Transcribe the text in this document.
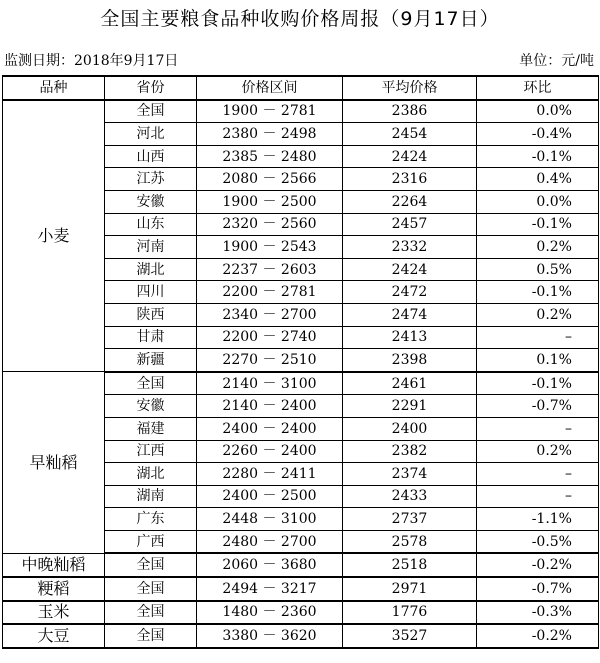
全国主要粮食品种收购价格周报（9月17日）
监测日期：2018年9月17日	单位：元/吨
品种	省份	价格区间	平均价格	环比
小麦	全国	1900 － 2781	2386	0.0%
	河北	2380 － 2498	2454	-0.4%
	山西	2385 － 2480	2424	-0.1%
	江苏	2080 － 2566	2316	0.4%
	安徽	1900 － 2500	2264	0.0%
	山东	2320 － 2560	2457	-0.1%
	河南	1900 － 2543	2332	0.2%
	湖北	2237 － 2603	2424	0.5%
	四川	2200 － 2781	2472	-0.1%
	陕西	2340 － 2700	2474	0.2%
	甘肃	2200 － 2740	2413	–
	新疆	2270 － 2510	2398	0.1%
早籼稻	全国	2140 － 3100	2461	-0.1%
	安徽	2140 － 2400	2291	-0.7%
	福建	2400 － 2400	2400	–
	江西	2260 － 2400	2382	0.2%
	湖北	2280 － 2411	2374	–
	湖南	2400 － 2500	2433	–
	广东	2448 － 3100	2737	-1.1%
	广西	2480 － 2700	2578	-0.5%
中晚籼稻	全国	2060 － 3680	2518	-0.2%
粳稻	全国	2494 － 3217	2971	-0.7%
玉米	全国	1480 － 2360	1776	-0.3%
大豆	全国	3380 － 3620	3527	-0.2%
